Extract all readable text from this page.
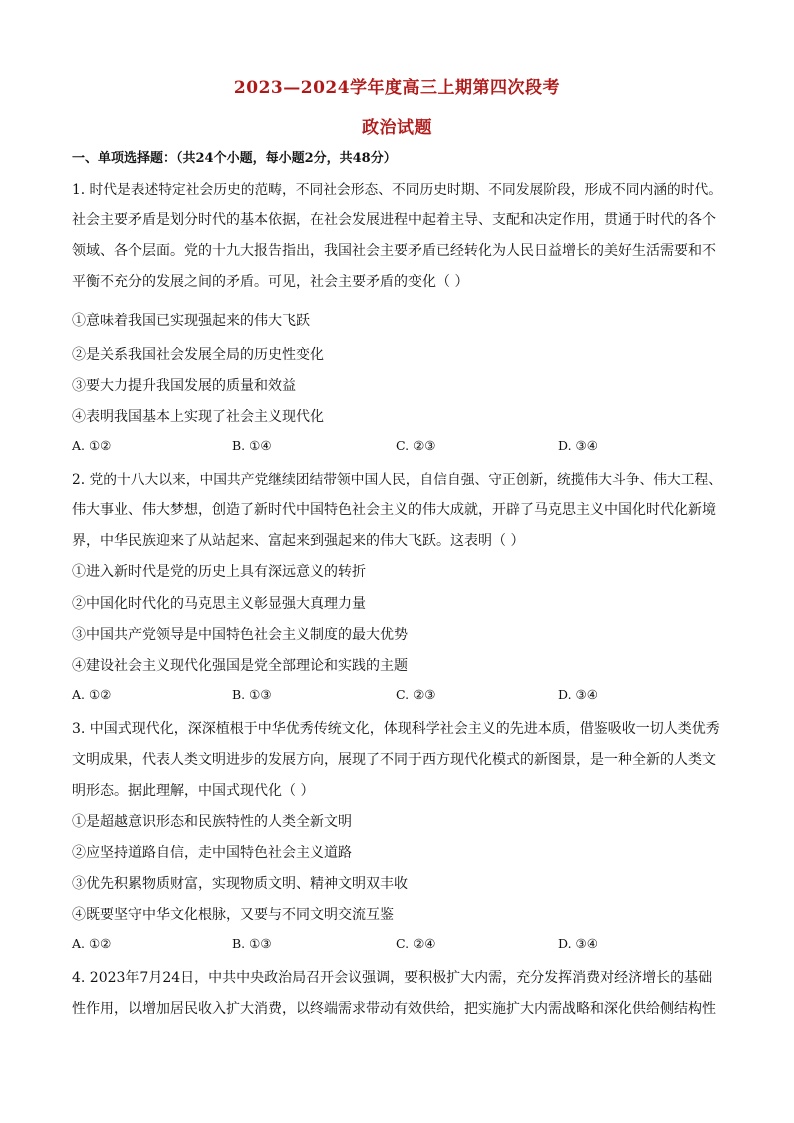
2023—2024学年度高三上期第四次段考
政治试题
一、单项选择题：（共24个小题，每小题2分，共48分）
1. 时代是表述特定社会历史的范畴，不同社会形态、不同历史时期、不同发展阶段，形成不同内涵的时代。
社会主要矛盾是划分时代的基本依据，在社会发展进程中起着主导、支配和决定作用，贯通于时代的各个
领域、各个层面。党的十九大报告指出，我国社会主要矛盾已经转化为人民日益增长的美好生活需要和不
平衡不充分的发展之间的矛盾。可见，社会主要矛盾的变化（ ）
①意味着我国已实现强起来的伟大飞跃
②是关系我国社会发展全局的历史性变化
③要大力提升我国发展的质量和效益
④表明我国基本上实现了社会主义现代化
A. ①②	B. ①④	C. ②③	D. ③④
2. 党的十八大以来，中国共产党继续团结带领中国人民，自信自强、守正创新，统揽伟大斗争、伟大工程、
伟大事业、伟大梦想，创造了新时代中国特色社会主义的伟大成就，开辟了马克思主义中国化时代化新境
界，中华民族迎来了从站起来、富起来到强起来的伟大飞跃。这表明（ ）
①进入新时代是党的历史上具有深远意义的转折
②中国化时代化的马克思主义彰显强大真理力量
③中国共产党领导是中国特色社会主义制度的最大优势
④建设社会主义现代化强国是党全部理论和实践的主题
A. ①②	B. ①③	C. ②③	D. ③④
3. 中国式现代化，深深植根于中华优秀传统文化，体现科学社会主义的先进本质，借鉴吸收一切人类优秀
文明成果，代表人类文明进步的发展方向，展现了不同于西方现代化模式的新图景，是一种全新的人类文
明形态。据此理解，中国式现代化（ ）
①是超越意识形态和民族特性的人类全新文明
②应坚持道路自信，走中国特色社会主义道路
③优先积累物质财富，实现物质文明、精神文明双丰收
④既要坚守中华文化根脉，又要与不同文明交流互鉴
A. ①②	B. ①③	C. ②④	D. ③④
4. 2023年7月24日，中共中央政治局召开会议强调，要积极扩大内需，充分发挥消费对经济增长的基础
性作用，以增加居民收入扩大消费，以终端需求带动有效供给，把实施扩大内需战略和深化供给侧结构性
